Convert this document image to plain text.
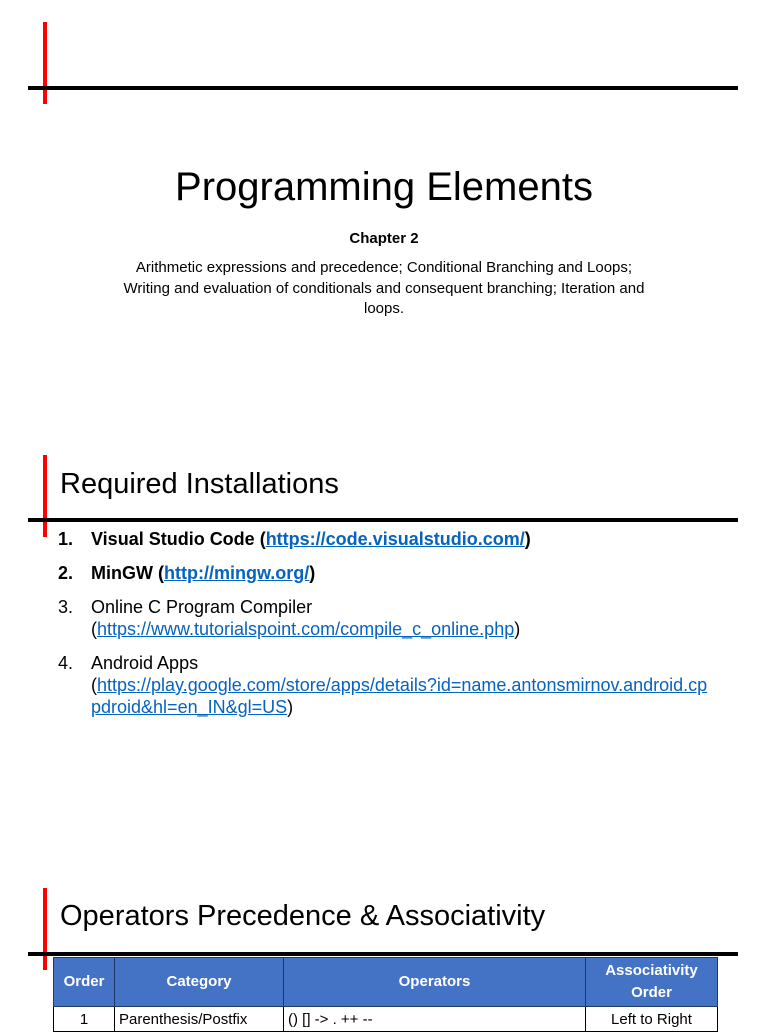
Programming Elements
Chapter 2
Arithmetic expressions and precedence; Conditional Branching and Loops; Writing and evaluation of conditionals and consequent branching; Iteration and loops.
Required Installations
1. Visual Studio Code (https://code.visualstudio.com/)
2. MinGW (http://mingw.org/)
3. Online C Program Compiler
(https://www.tutorialspoint.com/compile_c_online.php)
4. Android Apps
(https://play.google.com/store/apps/details?id=name.antonsmirnov.android.cppdroid&hl=en_IN&gl=US)
Operators Precedence & Associativity
Order	Category	Operators	Associativity Order
1	Parenthesis/Postfix	() [] -> . ++ --	Left to Right
